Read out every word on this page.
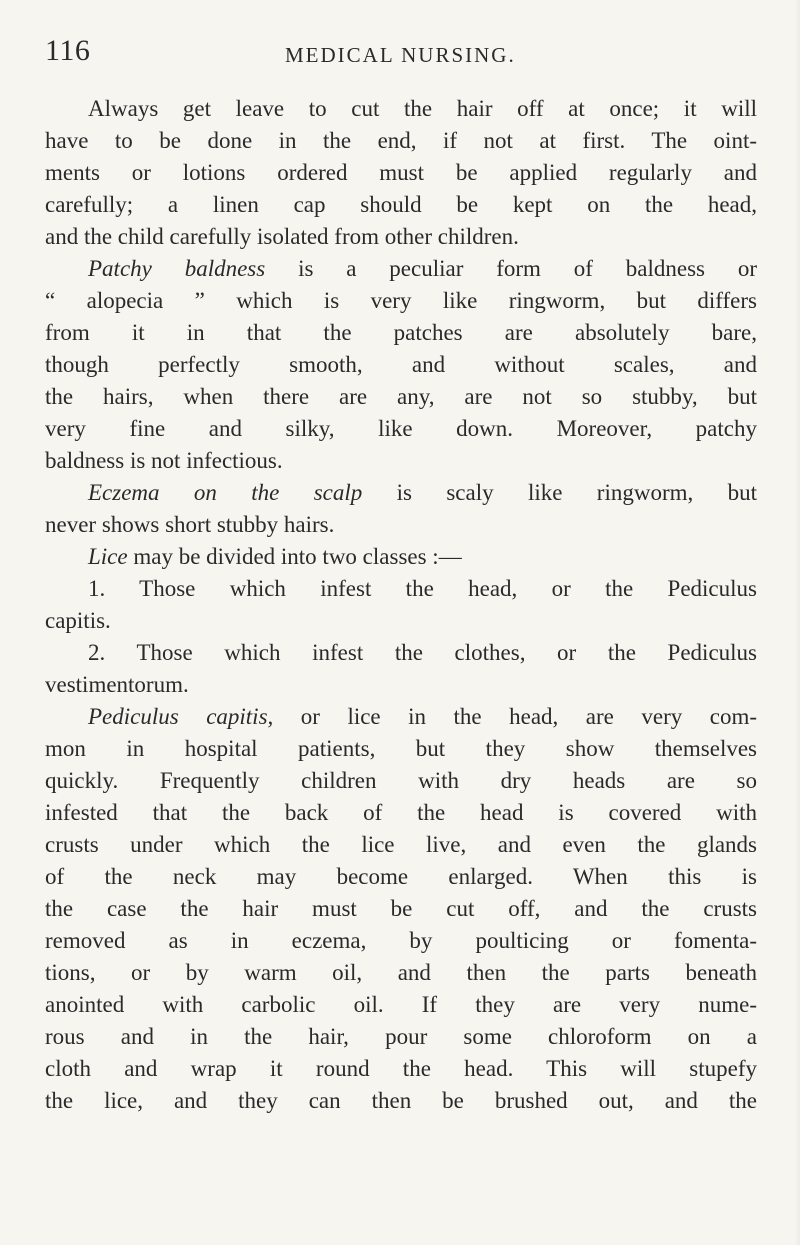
116	MEDICAL NURSING.
Always get leave to cut the hair off at once; it will
have to be done in the end, if not at first. The oint-
ments or lotions ordered must be applied regularly and
carefully; a linen cap should be kept on the head,
and the child carefully isolated from other children.
Patchy baldness is a peculiar form of baldness or
“ alopecia ” which is very like ringworm, but differs
from it in that the patches are absolutely bare,
though perfectly smooth, and without scales, and
the hairs, when there are any, are not so stubby, but
very fine and silky, like down. Moreover, patchy
baldness is not infectious.
Eczema on the scalp is scaly like ringworm, but
never shows short stubby hairs.
Lice may be divided into two classes :—
1. Those which infest the head, or the Pediculus
capitis.
2. Those which infest the clothes, or the Pediculus
vestimentorum.
Pediculus capitis, or lice in the head, are very com-
mon in hospital patients, but they show themselves
quickly. Frequently children with dry heads are so
infested that the back of the head is covered with
crusts under which the lice live, and even the glands
of the neck may become enlarged. When this is
the case the hair must be cut off, and the crusts
removed as in eczema, by poulticing or fomenta-
tions, or by warm oil, and then the parts beneath
anointed with carbolic oil. If they are very nume-
rous and in the hair, pour some chloroform on a
cloth and wrap it round the head. This will stupefy
the lice, and they can then be brushed out, and the
